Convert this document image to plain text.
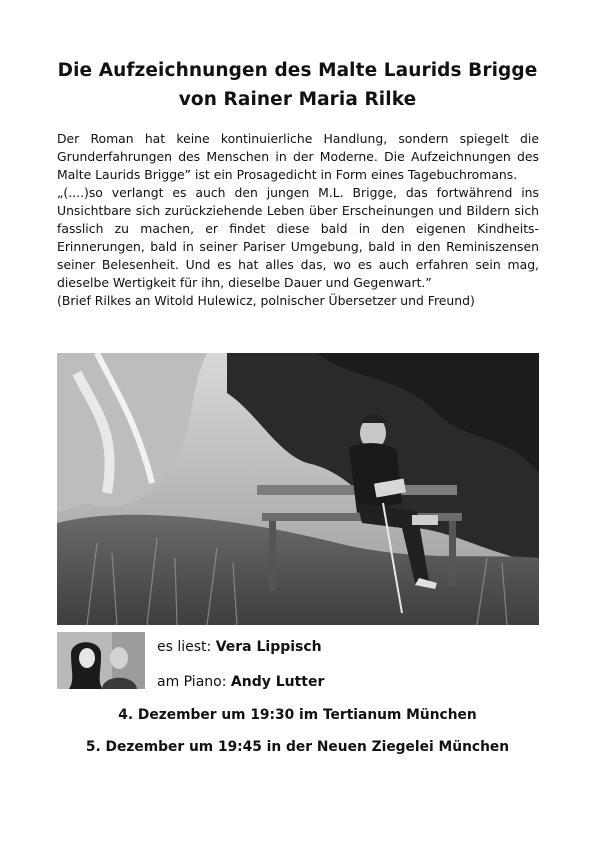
Die Aufzeichnungen des Malte Laurids Brigge
von Rainer Maria Rilke

Der Roman hat keine kontinuierliche Handlung, sondern spiegelt die Grunderfahrungen des Menschen in der Moderne. Die Aufzeichnungen des Malte Laurids Brigge” ist ein Prosagedicht in Form eines Tagebuchromans.

„(....)so verlangt es auch den jungen M.L. Brigge, das fortwährend ins Unsichtbare sich zurückziehende Leben über Erscheinungen und Bildern sich fasslich zu machen, er findet diese bald in den eigenen Kindheits-Erinnerungen, bald in seiner Pariser Umgebung, bald in den Reminiszensen seiner Belesenheit. Und es hat alles das, wo es auch erfahren sein mag, dieselbe Wertigkeit für ihn, dieselbe Dauer und Gegenwart.”

(Brief Rilkes an Witold Hulewicz, polnischer Übersetzer und Freund)

es liest: Vera Lippisch
am Piano: Andy Lutter
4. Dezember um 19:30 im Tertianum München
5. Dezember um 19:45 in der Neuen Ziegelei München
